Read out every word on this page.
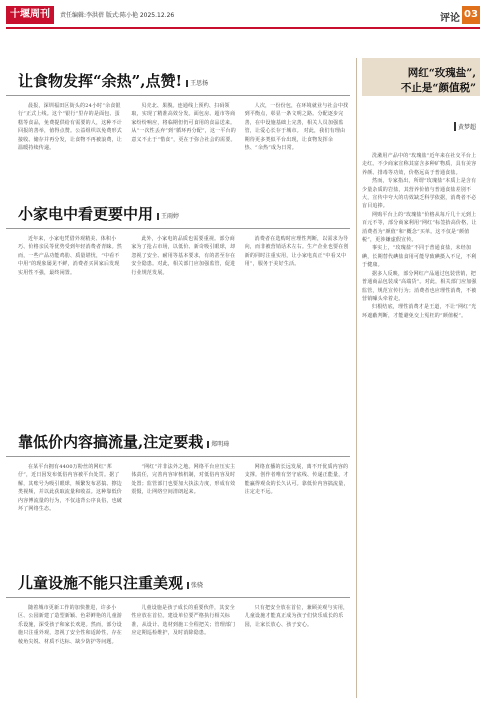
十堰周刊	责任编辑:李洪蓓 版式:陈小艳 2025.12.26	评论 03
让食物发挥“余热”,点赞! 王思扬
晨报，深圳福田区街头的24小时“余食银行”正式上线。这个“银行”里存的是面包、蛋糕等食品，免费提供给有需要的人，这种不计回报的善举，值得点赞。公益组织以免费形式接收、储存并再分发，让食物不再被浪费，让温暖持续传递。
贝壳北、果腹。连通线上预约、扫码领取，实现了精准高效分发。面包房、超市等商家纷纷响应，将临期但仍可食用的食品送来。从“一次性丢弃”到“循环再分配”，这一平台的意义不止于“惜食”，更在于弥合社会的需要。
人次，一份份包，在环境就业与社会中找到平衡点，彰显一条文明之路。分配逐步完善，在中设施基础上完善，相关人员加强监管，让爱心长存于城市。 对此，我们有理由期待更多类似平台出现，让食物发挥余热、“余热”成为日常。
小家电中看更要中用 王雨婷
近年来，小家电凭借外观精美、体积小巧、价格亲民等优势受到年轻消费者青睐。然而，一些产品功能鸡肋、质量堪忧，“中看不中用”的现象屡见不鲜，消费者买回家后发现实用性不强，最终闲置。
此外，小家电的品质也需要重视。部分商家为了抢占市场，以低价、新奇吸引眼球，却忽视了安全、耐用等基本要求，有的甚至存在安全隐患。对此，相关部门应加强监管，促进行业规范发展。
消费者在选购时应理性判断，以需求为导向，而非被营销话术左右。生产企业也要在创新的同时注重实用，让小家电真正“中看又中用”，服务于美好生活。
靠低价内容搞流量,注定要栽 郑明琦
在某平台拥有4400万粉丝的网红“邦仔”，近日因发布低俗内容被平台处罚。据了解，其账号为吸引眼球，频繁发布恶搞、擦边类视频，并以此获取流量和收益。这种靠低价内容博流量的行为，不仅违背公序良俗，也破坏了网络生态。
“网红”并非法外之地。网络平台应压实主体责任，完善内容审核机制，对低俗内容及时处置；监管部门也要加大执法力度，形成有效震慑，让网络空间清朗起来。
网络直播的长远发展，离不开优质内容的支撑。创作者唯有坚守底线、传递正能量，才能赢得观众的长久认可。靠低价内容搞流量，注定走不远。
儿童设施不能只注重美观 张骁
随着城市更新工作的加快推进，许多小区、公园新建了造型新颖、色彩鲜艳的儿童游乐设施，深受孩子和家长欢迎。然而，部分设施只注重外观，忽视了安全性和适龄性，存在棱角尖锐、材质不达标、缺少防护等问题。
儿童设施是孩子成长的重要伙伴，其安全性应放在首位。建设单位要严格执行相关标准，从设计、选材到施工全程把关；管理部门应定期巡检维护，及时消除隐患。
只有把安全放在首位，兼顾美观与实用，儿童设施才能真正成为孩子们快乐成长的乐园，让家长放心、孩子安心。
网红“玫瑰盐”,
不止是“颜值税”
黄梦超

洗漱用产品中的“玫瑰盐”近年来在社交平台上走红。不少商家宣称其富含多种矿物质，具有美容养颜、排毒等功效，价格远高于普通食盐。

然而，专家指出，所谓“玫瑰盐”本质上是含有少量杂质的岩盐，其营养价值与普通食盐差别不大，宣传中夸大的功效缺乏科学依据，消费者不必盲目追捧。

网购平台上的“玫瑰盐”价格从每斤几十元到上百元不等，部分商家利用“网红”标签抬高价格，让消费者为“颜值”和“概念”买单。这不仅是“颜值税”，更涉嫌虚假宣传。

事实上，“玫瑰盐”不同于普通食盐，未经加碘，长期替代碘盐食用可能导致碘摄入不足，不利于健康。

据多人反映，部分网红产品通过包装营销，把普通商品包装成“高端货”。对此，相关部门应加强监管，规范宣传行为；消费者也应理性消费，不被营销噱头牵着走。

归根结底，理性消费才是王道，不让“网红”光环遮蔽判断，才能避免交上冤枉的“颜值税”。
